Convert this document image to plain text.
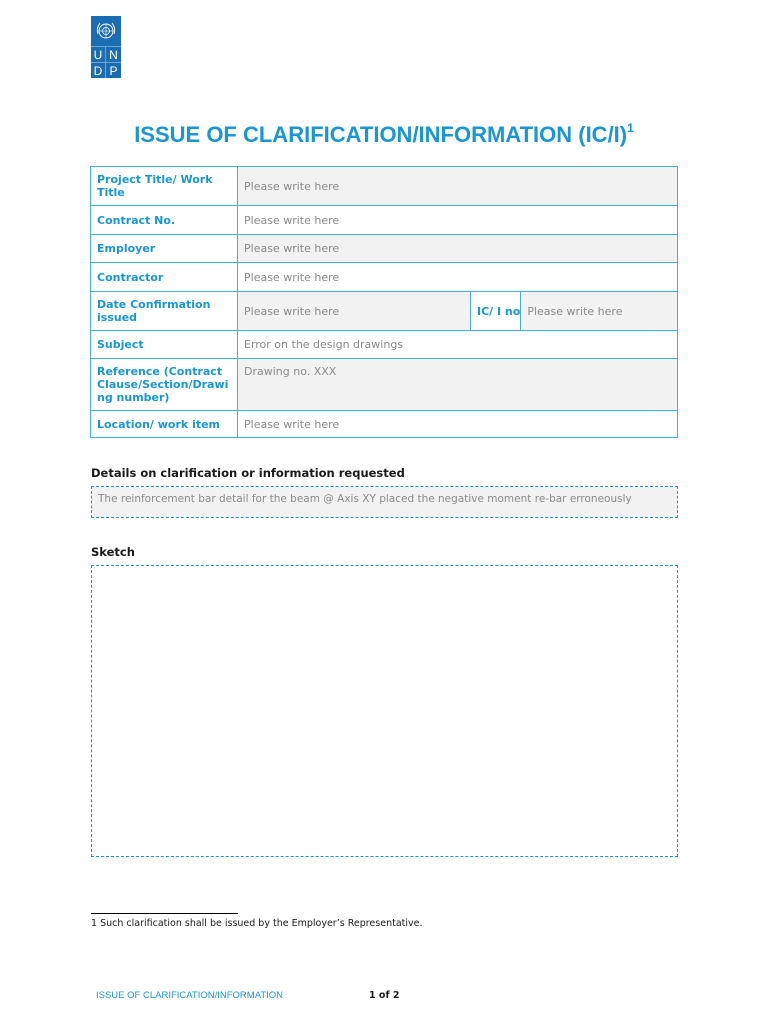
U N
D P
ISSUE OF CLARIFICATION/INFORMATION $(IC/I)^1$
Project Title/ Work Title	Please write here		
Contract No.	Please write here		
Employer	Please write here		
Contractor	Please write here		
Date Confirmation issued	Please write here	IC/ I no	Please write here
Subject	Error on the design drawings		
Reference (Contract Clause/Section/Drawing number)	Drawing no. XXX		
Location/ work item	Please write here		
Details on clarification or information requested
The reinforcement bar detail for the beam @ Axis XY placed the negative moment re-bar erroneously
Sketch
1 Such clarification shall be issued by the Employer’s Representative.
ISSUE OF CLARIFICATION/INFORMATION	1 of 2
